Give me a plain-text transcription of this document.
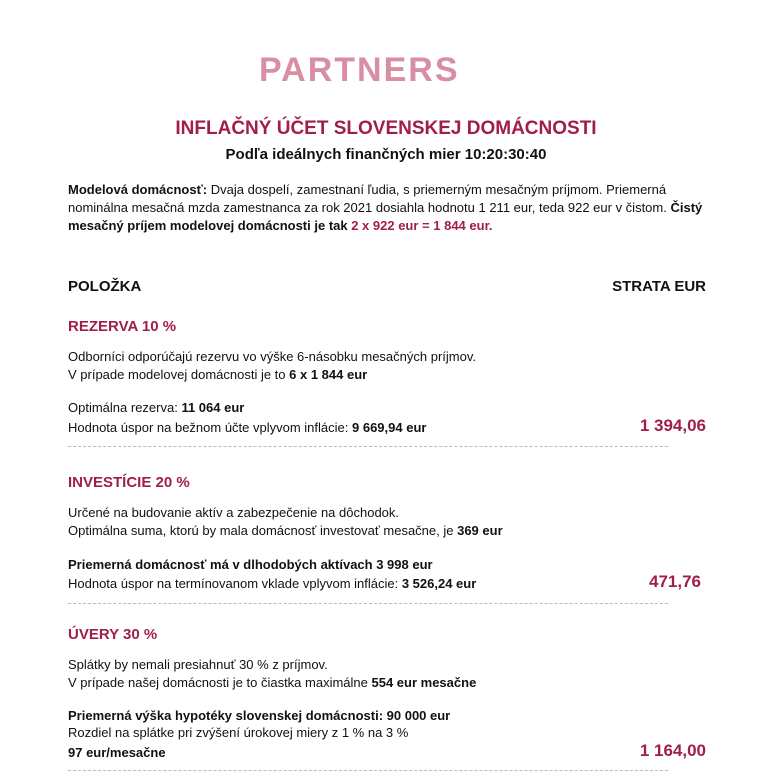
PARTNERS
INFLAČNÝ ÚČET SLOVENSKEJ DOMÁCNOSTI
Podľa ideálnych finančných mier 10:20:30:40
Modelová domácnosť: Dvaja dospelí, zamestnaní ľudia, s priemerným mesačným príjmom. Priemerná nominálna mesačná mzda zamestnanca za rok 2021 dosiahla hodnotu 1 211 eur, teda 922 eur v čistom. Čistý mesačný príjem modelovej domácnosti je tak 2 x 922 eur = 1 844 eur.
POLOŽKA	STRATA EUR
REZERVA 10 %
Odborníci odporúčajú rezervu vo výške 6-násobku mesačných príjmov.
V prípade modelovej domácnosti je to 6 x 1 844 eur
Optimálna rezerva: 11 064 eur
Hodnota úspor na bežnom účte vplyvom inflácie: 9 669,94 eur	1 394,06
INVESTÍCIE 20 %
Určené na budovanie aktív a zabezpečenie na dôchodok.
Optimálna suma, ktorú by mala domácnosť investovať mesačne, je 369 eur
Priemerná domácnosť má v dlhodobých aktívach 3 998 eur
Hodnota úspor na termínovanom vklade vplyvom inflácie: 3 526,24 eur	471,76
ÚVERY 30 %
Splátky by nemali presiahnuť 30 % z príjmov.
V prípade našej domácnosti je to čiastka maximálne 554 eur mesačne
Priemerná výška hypotéky slovenskej domácnosti: 90 000 eur
Rozdiel na splátke pri zvýšení úrokovej miery z 1 % na 3 %
97 eur/mesačne	1 164,00
